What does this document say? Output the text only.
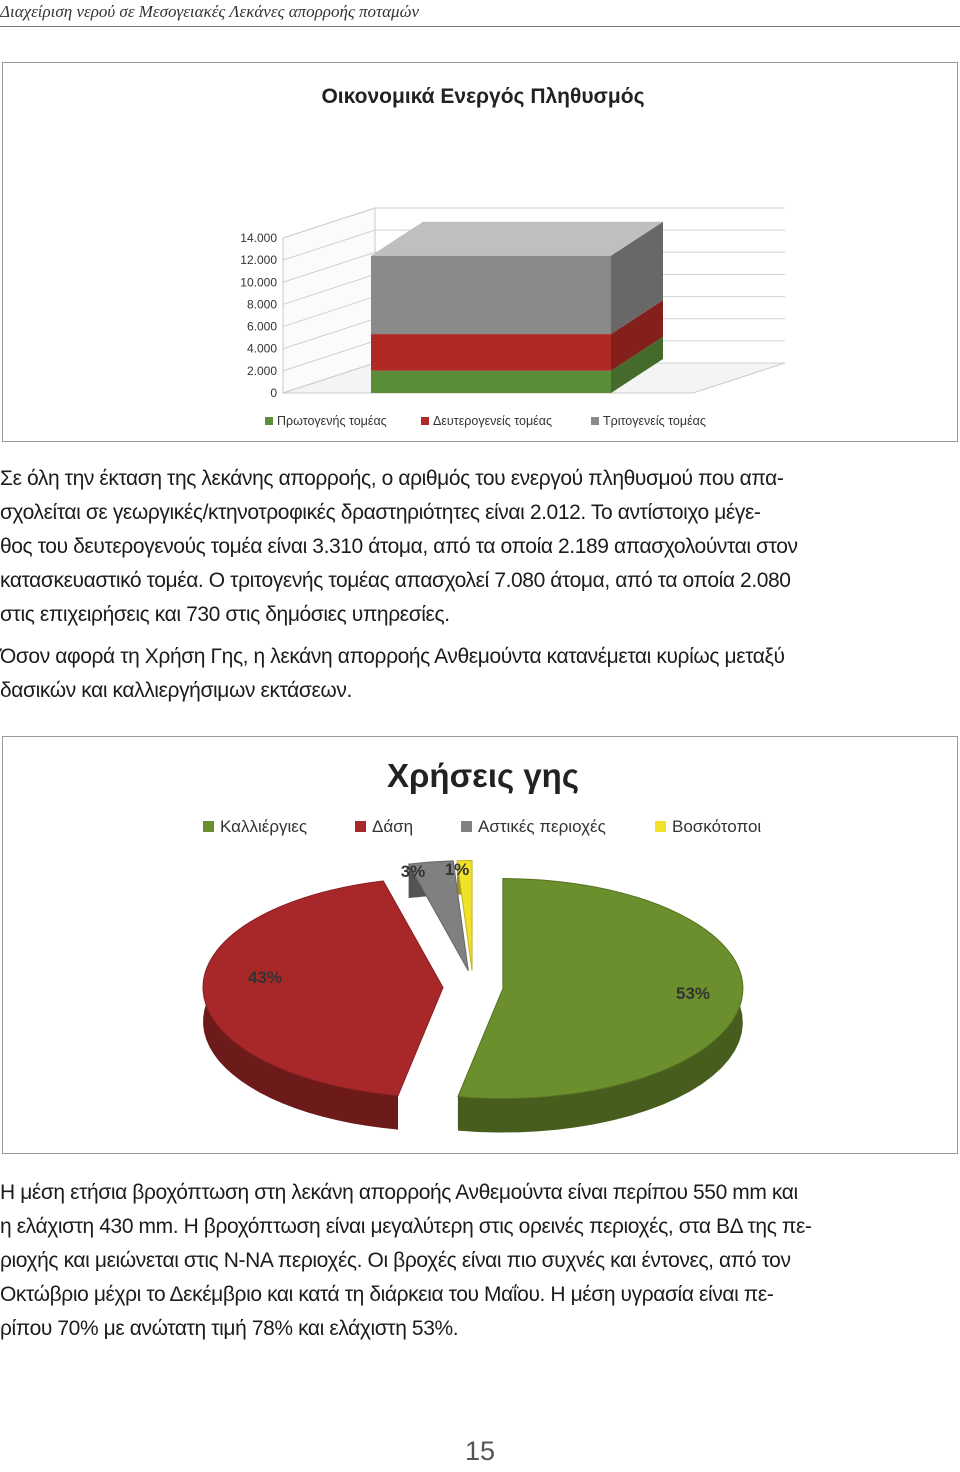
Διαχείριση νερού σε Μεσογειακές Λεκάνες απορροής ποταμών
Οικονομικά Ενεργός Πληθυσμός
0
2.000
4.000
6.000
8.000
10.000
12.000
14.000
Πρωτογενής τομέας	Δευτερογενείς τομέας	Τριτογενείς τομέας

Σε όλη την έκταση της λεκάνης απορροής, ο αριθμός του ενεργού πληθυσμού που απα-

σχολείται σε γεωργικές/κτηνοτροφικές δραστηριότητες είναι 2.012. Το αντίστοιχο μέγε-

θος του δευτερογενούς τομέα είναι 3.310 άτομα, από τα οποία 2.189 απασχολούνται στον

κατασκευαστικό τομέα. Ο τριτογενής τομέας απασχολεί 7.080 άτομα, από τα οποία 2.080

στις επιχειρήσεις και 730 στις δημόσιες υπηρεσίες.

Όσον αφορά τη Χρήση Γης, η λεκάνη απορροής Ανθεμούντα κατανέμεται κυρίως μεταξύ

δασικών και καλλιεργήσιμων εκτάσεων.

Χρήσεις γης
Καλλιέργιες	Δάση	Αστικές περιοχές	Βοσκότοποι
53%
43%
3% 1%

Η μέση ετήσια βροχόπτωση στη λεκάνη απορροής Ανθεμούντα είναι περίπου 550 mm και

η ελάχιστη 430 mm. Η βροχόπτωση είναι μεγαλύτερη στις ορεινές περιοχές, στα ΒΔ της πε-

ριοχής και μειώνεται στις Ν-ΝΑ περιοχές. Οι βροχές είναι πιο συχνές και έντονες, από τον

Οκτώβριο μέχρι το Δεκέμβριο και κατά τη διάρκεια του Μαΐου. Η μέση υγρασία είναι πε-

ρίπου 70% με ανώτατη τιμή 78% και ελάχιστη 53%.

15
